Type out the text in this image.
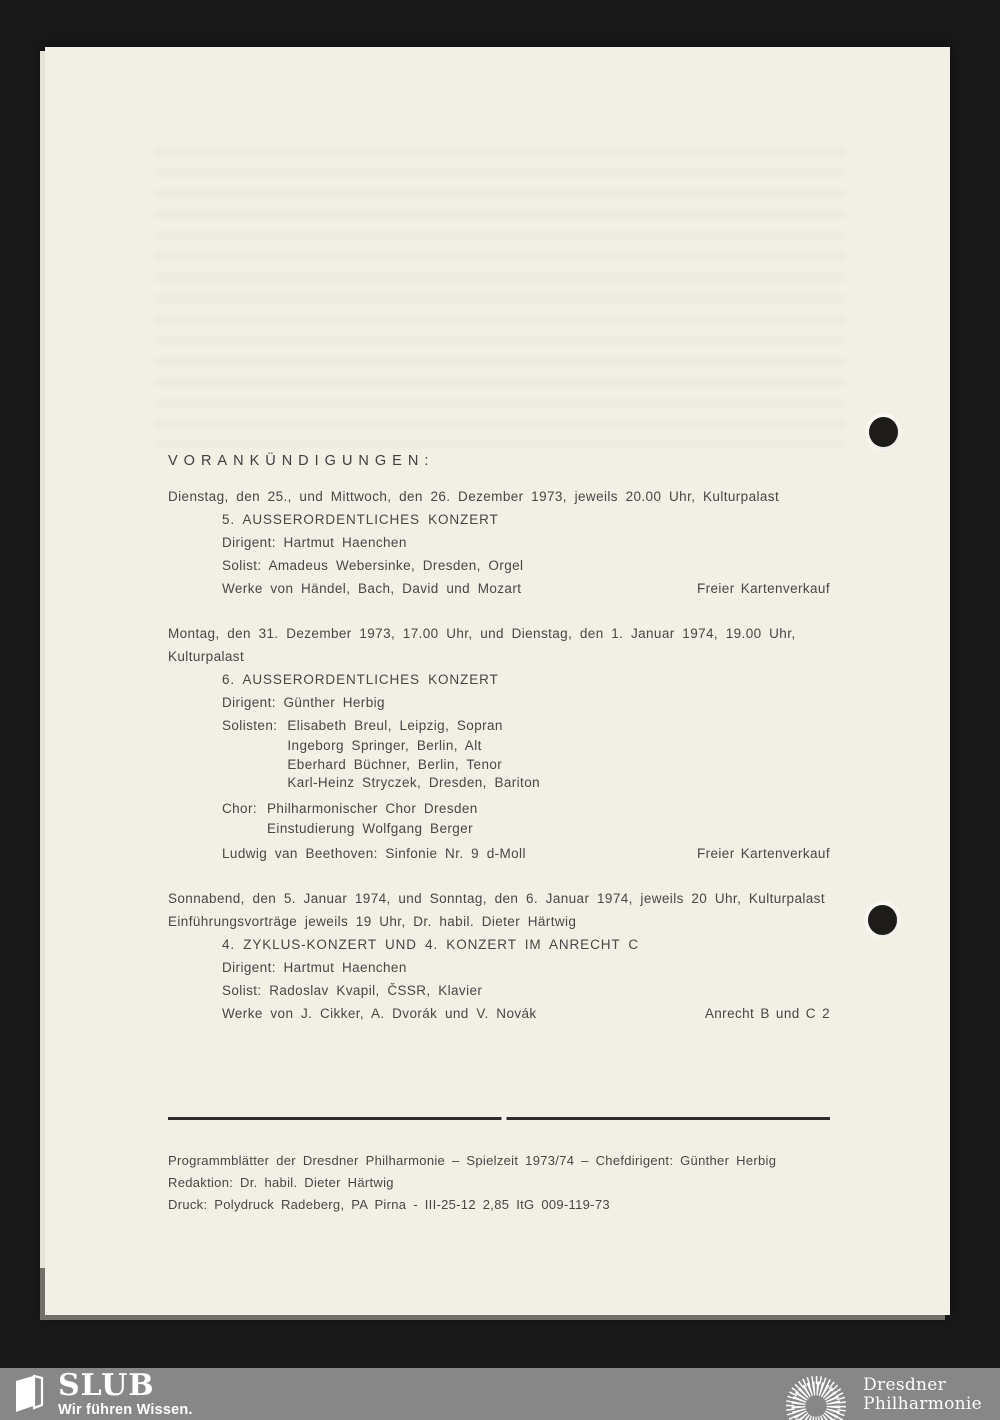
VORANKÜNDIGUNGEN:

Dienstag, den 25., und Mittwoch, den 26. Dezember 1973, jeweils 20.00 Uhr, Kulturpalast

5. AUSSERORDENTLICHES KONZERT

Dirigent: Hartmut Haenchen

Solist: Amadeus Webersinke, Dresden, Orgel

Werke von Händel, Bach, David und Mozart	Freier Kartenverkauf

Montag, den 31. Dezember 1973, 17.00 Uhr, und Dienstag, den 1. Januar 1974, 19.00 Uhr,

Kulturpalast

6. AUSSERORDENTLICHES KONZERT

Dirigent: Günther Herbig

Solisten: Elisabeth Breul, Leipzig, Sopran

Ingeborg Springer, Berlin, Alt

Eberhard Büchner, Berlin, Tenor

Karl-Heinz Stryczek, Dresden, Bariton

Chor: Philharmonischer Chor Dresden

Einstudierung Wolfgang Berger

Ludwig van Beethoven: Sinfonie Nr. 9 d-Moll	Freier Kartenverkauf

Sonnabend, den 5. Januar 1974, und Sonntag, den 6. Januar 1974, jeweils 20 Uhr, Kulturpalast

Einführungsvorträge jeweils 19 Uhr, Dr. habil. Dieter Härtwig

4. ZYKLUS-KONZERT UND 4. KONZERT IM ANRECHT C

Dirigent: Hartmut Haenchen

Solist: Radoslav Kvapil, ČSSR, Klavier

Werke von J. Cikker, A. Dvorák und V. Novák	Anrecht B und C 2

Programmblätter der Dresdner Philharmonie – Spielzeit 1973/74 – Chefdirigent: Günther Herbig

Redaktion: Dr. habil. Dieter Härtwig

Druck: Polydruck Radeberg, PA Pirna - III-25-12 2,85 ItG 009-119-73

SLUB
Wir führen Wissen.
Dresdner
Philharmonie
